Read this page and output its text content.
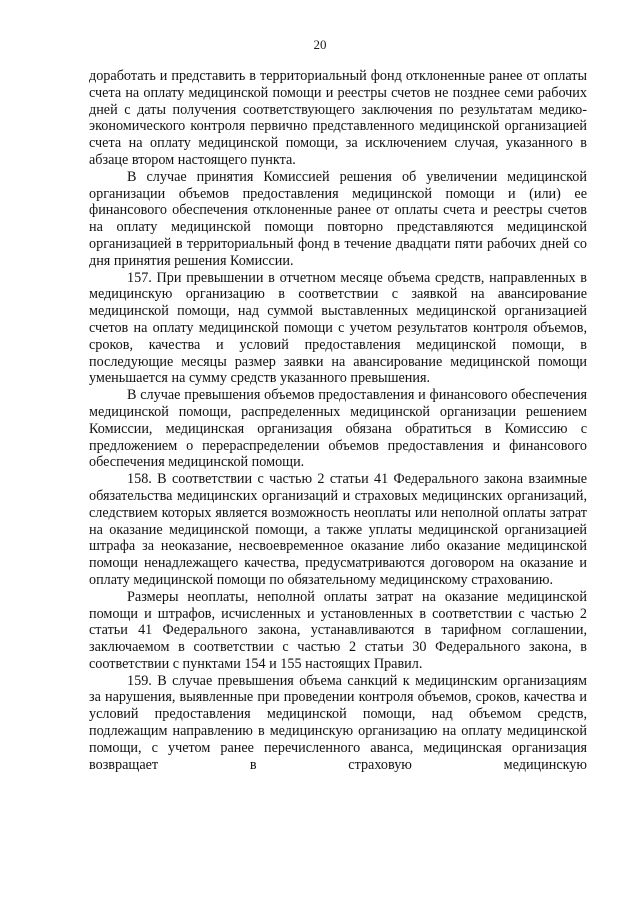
20

доработать и представить в территориальный фонд отклоненные ранее от оплаты счета на оплату медицинской помощи и реестры счетов не позднее семи рабочих дней с даты получения соответствующего заключения по результатам медико-экономического контроля первично представленного медицинской организацией счета на оплату медицинской помощи, за исключением случая, указанного в абзаце втором настоящего пункта.

В случае принятия Комиссией решения об увеличении медицинской организации объемов предоставления медицинской помощи и (или) ее финансового обеспечения отклоненные ранее от оплаты счета и реестры счетов на оплату медицинской помощи повторно представляются медицинской организацией в территориальный фонд в течение двадцати пяти рабочих дней со дня принятия решения Комиссии.

157. При превышении в отчетном месяце объема средств, направленных в медицинскую организацию в соответствии с заявкой на авансирование медицинской помощи, над суммой выставленных медицинской организацией счетов на оплату медицинской помощи с учетом результатов контроля объемов, сроков, качества и условий предоставления медицинской помощи, в последующие месяцы размер заявки на авансирование медицинской помощи уменьшается на сумму средств указанного превышения.

В случае превышения объемов предоставления и финансового обеспечения медицинской помощи, распределенных медицинской организации решением Комиссии, медицинская организация обязана обратиться в Комиссию с предложением о перераспределении объемов предоставления и финансового обеспечения медицинской помощи.

158. В соответствии с частью 2 статьи 41 Федерального закона взаимные обязательства медицинских организаций и страховых медицинских организаций, следствием которых является возможность неоплаты или неполной оплаты затрат на оказание медицинской помощи, а также уплаты медицинской организацией штрафа за неоказание, несвоевременное оказание либо оказание медицинской помощи ненадлежащего качества, предусматриваются договором на оказание и оплату медицинской помощи по обязательному медицинскому страхованию.

Размеры неоплаты, неполной оплаты затрат на оказание медицинской помощи и штрафов, исчисленных и установленных в соответствии с частью 2 статьи 41 Федерального закона, устанавливаются в тарифном соглашении, заключаемом в соответствии с частью 2 статьи 30 Федерального закона, в соответствии с пунктами 154 и 155 настоящих Правил.

159. В случае превышения объема санкций к медицинским организациям за нарушения, выявленные при проведении контроля объемов, сроков, качества и условий предоставления медицинской помощи, над объемом средств, подлежащим направлению в медицинскую организацию на оплату медицинской помощи, с учетом ранее перечисленного аванса, медицинская организация возвращает в страховую медицинскую
